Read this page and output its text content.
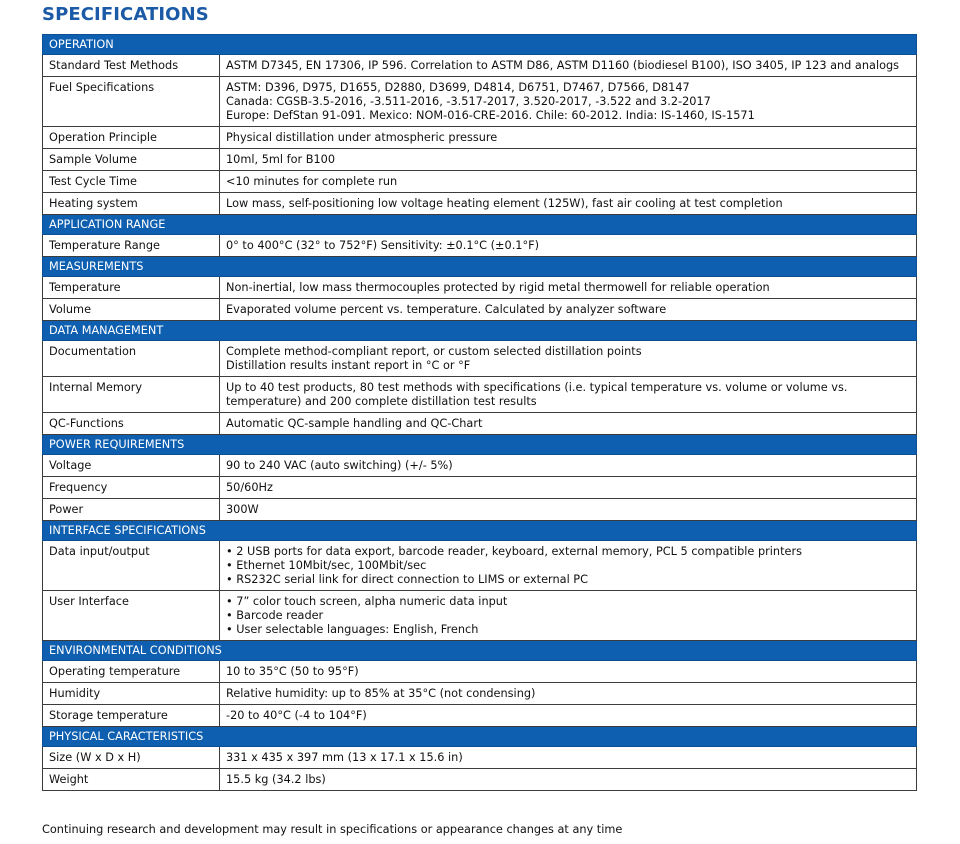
SPECIFICATIONS
OPERATION	
Standard Test Methods	ASTM D7345, EN 17306, IP 596. Correlation to ASTM D86, ASTM D1160 (biodiesel B100), ISO 3405, IP 123 and analogs

Fuel Specifications	ASTM: D396, D975, D1655, D2880, D3699, D4814, D6751, D7467, D7566, D8147
Canada: CGSB-3.5-2016, -3.511-2016, -3.517-2017, 3.520-2017, -3.522 and 3.2-2017
Europe: DefStan 91-091. Mexico: NOM-016-CRE-2016. Chile: 60-2012. India: IS-1460, IS-1571

Operation Principle	Physical distillation under atmospheric pressure

Sample Volume	10ml, 5ml for B100

Test Cycle Time	<10 minutes for complete run

Heating system	Low mass, self-positioning low voltage heating element (125W), fast air cooling at test completion

APPLICATION RANGE	
Temperature Range	0° to 400°C (32° to 752°F) Sensitivity: ±0.1°C (±0.1°F)

MEASUREMENTS	
Temperature	Non-inertial, low mass thermocouples protected by rigid metal thermowell for reliable operation

Volume	Evaporated volume percent vs. temperature. Calculated by analyzer software

DATA MANAGEMENT	
Documentation	Complete method-compliant report, or custom selected distillation points
Distillation results instant report in °C or °F

Internal Memory	Up to 40 test products, 80 test methods with specifications (i.e. typical temperature vs. volume or volume vs.
temperature) and 200 complete distillation test results

QC-Functions	Automatic QC-sample handling and QC-Chart

POWER REQUIREMENTS	
Voltage	90 to 240 VAC (auto switching) (+/- 5%)

Frequency	50/60Hz

Power	300W

INTERFACE SPECIFICATIONS	
Data input/output	• 2 USB ports for data export, barcode reader, keyboard, external memory, PCL 5 compatible printers
• Ethernet 10Mbit/sec, 100Mbit/sec
• RS232C serial link for direct connection to LIMS or external PC

User Interface	• 7” color touch screen, alpha numeric data input
• Barcode reader
• User selectable languages: English, French

ENVIRONMENTAL CONDITIONS	
Operating temperature	10 to 35°C (50 to 95°F)

Humidity	Relative humidity: up to 85% at 35°C (not condensing)

Storage temperature	-20 to 40°C (-4 to 104°F)

PHYSICAL CARACTERISTICS	
Size (W x D x H)	331 x 435 x 397 mm (13 x 17.1 x 15.6 in)

Weight	15.5 kg (34.2 lbs)
Continuing research and development may result in specifications or appearance changes at any time
